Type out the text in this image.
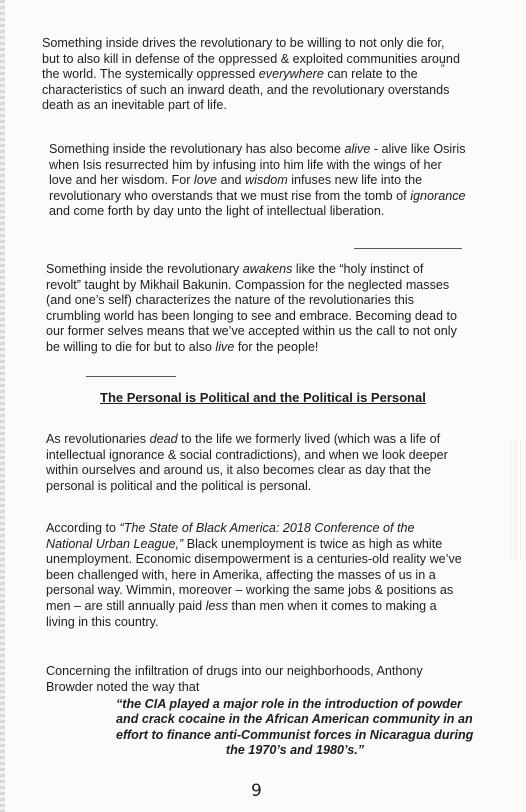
”

Something inside drives the revolutionary to be willing to not only die for, but to also kill in defense of the oppressed & exploited communities around the world. The systemically oppressed everywhere can relate to the characteristics of such an inward death, and the revolutionary overstands death as an inevitable part of life.

Something inside the revolutionary has also become alive - alive like Osiris when Isis resurrected him by infusing into him life with the wings of her love and her wisdom. For love and wisdom infuses new life into the revolutionary who overstands that we must rise from the tomb of ignorance and come forth by day unto the light of intellectual liberation.

Something inside the revolutionary awakens like the “holy instinct of revolt” taught by Mikhail Bakunin. Compassion for the neglected masses (and one’s self) characterizes the nature of the revolutionaries this crumbling world has been longing to see and embrace. Becoming dead to our former selves means that we’ve accepted within us the call to not only be willing to die for but to also live for the people!

The Personal is Political and the Political is Personal

As revolutionaries dead to the life we formerly lived (which was a life of intellectual ignorance & social contradictions), and when we look deeper within ourselves and around us, it also becomes clear as day that the personal is political and the political is personal.

According to “The State of Black America: 2018 Conference of the National Urban League,” Black unemployment is twice as high as white unemployment. Economic disempowerment is a centuries-old reality we’ve been challenged with, here in Amerika, affecting the masses of us in a personal way. Wimmin, moreover – working the same jobs & positions as men – are still annually paid less than men when it comes to making a living in this country.

Concerning the infiltration of drugs into our neighborhoods, Anthony Browder noted the way that

“the CIA played a major role in the introduction of powder and crack cocaine in the African American community in an effort to finance anti-Communist forces in Nicaragua during
the 1970’s and 1980’s.”

9
